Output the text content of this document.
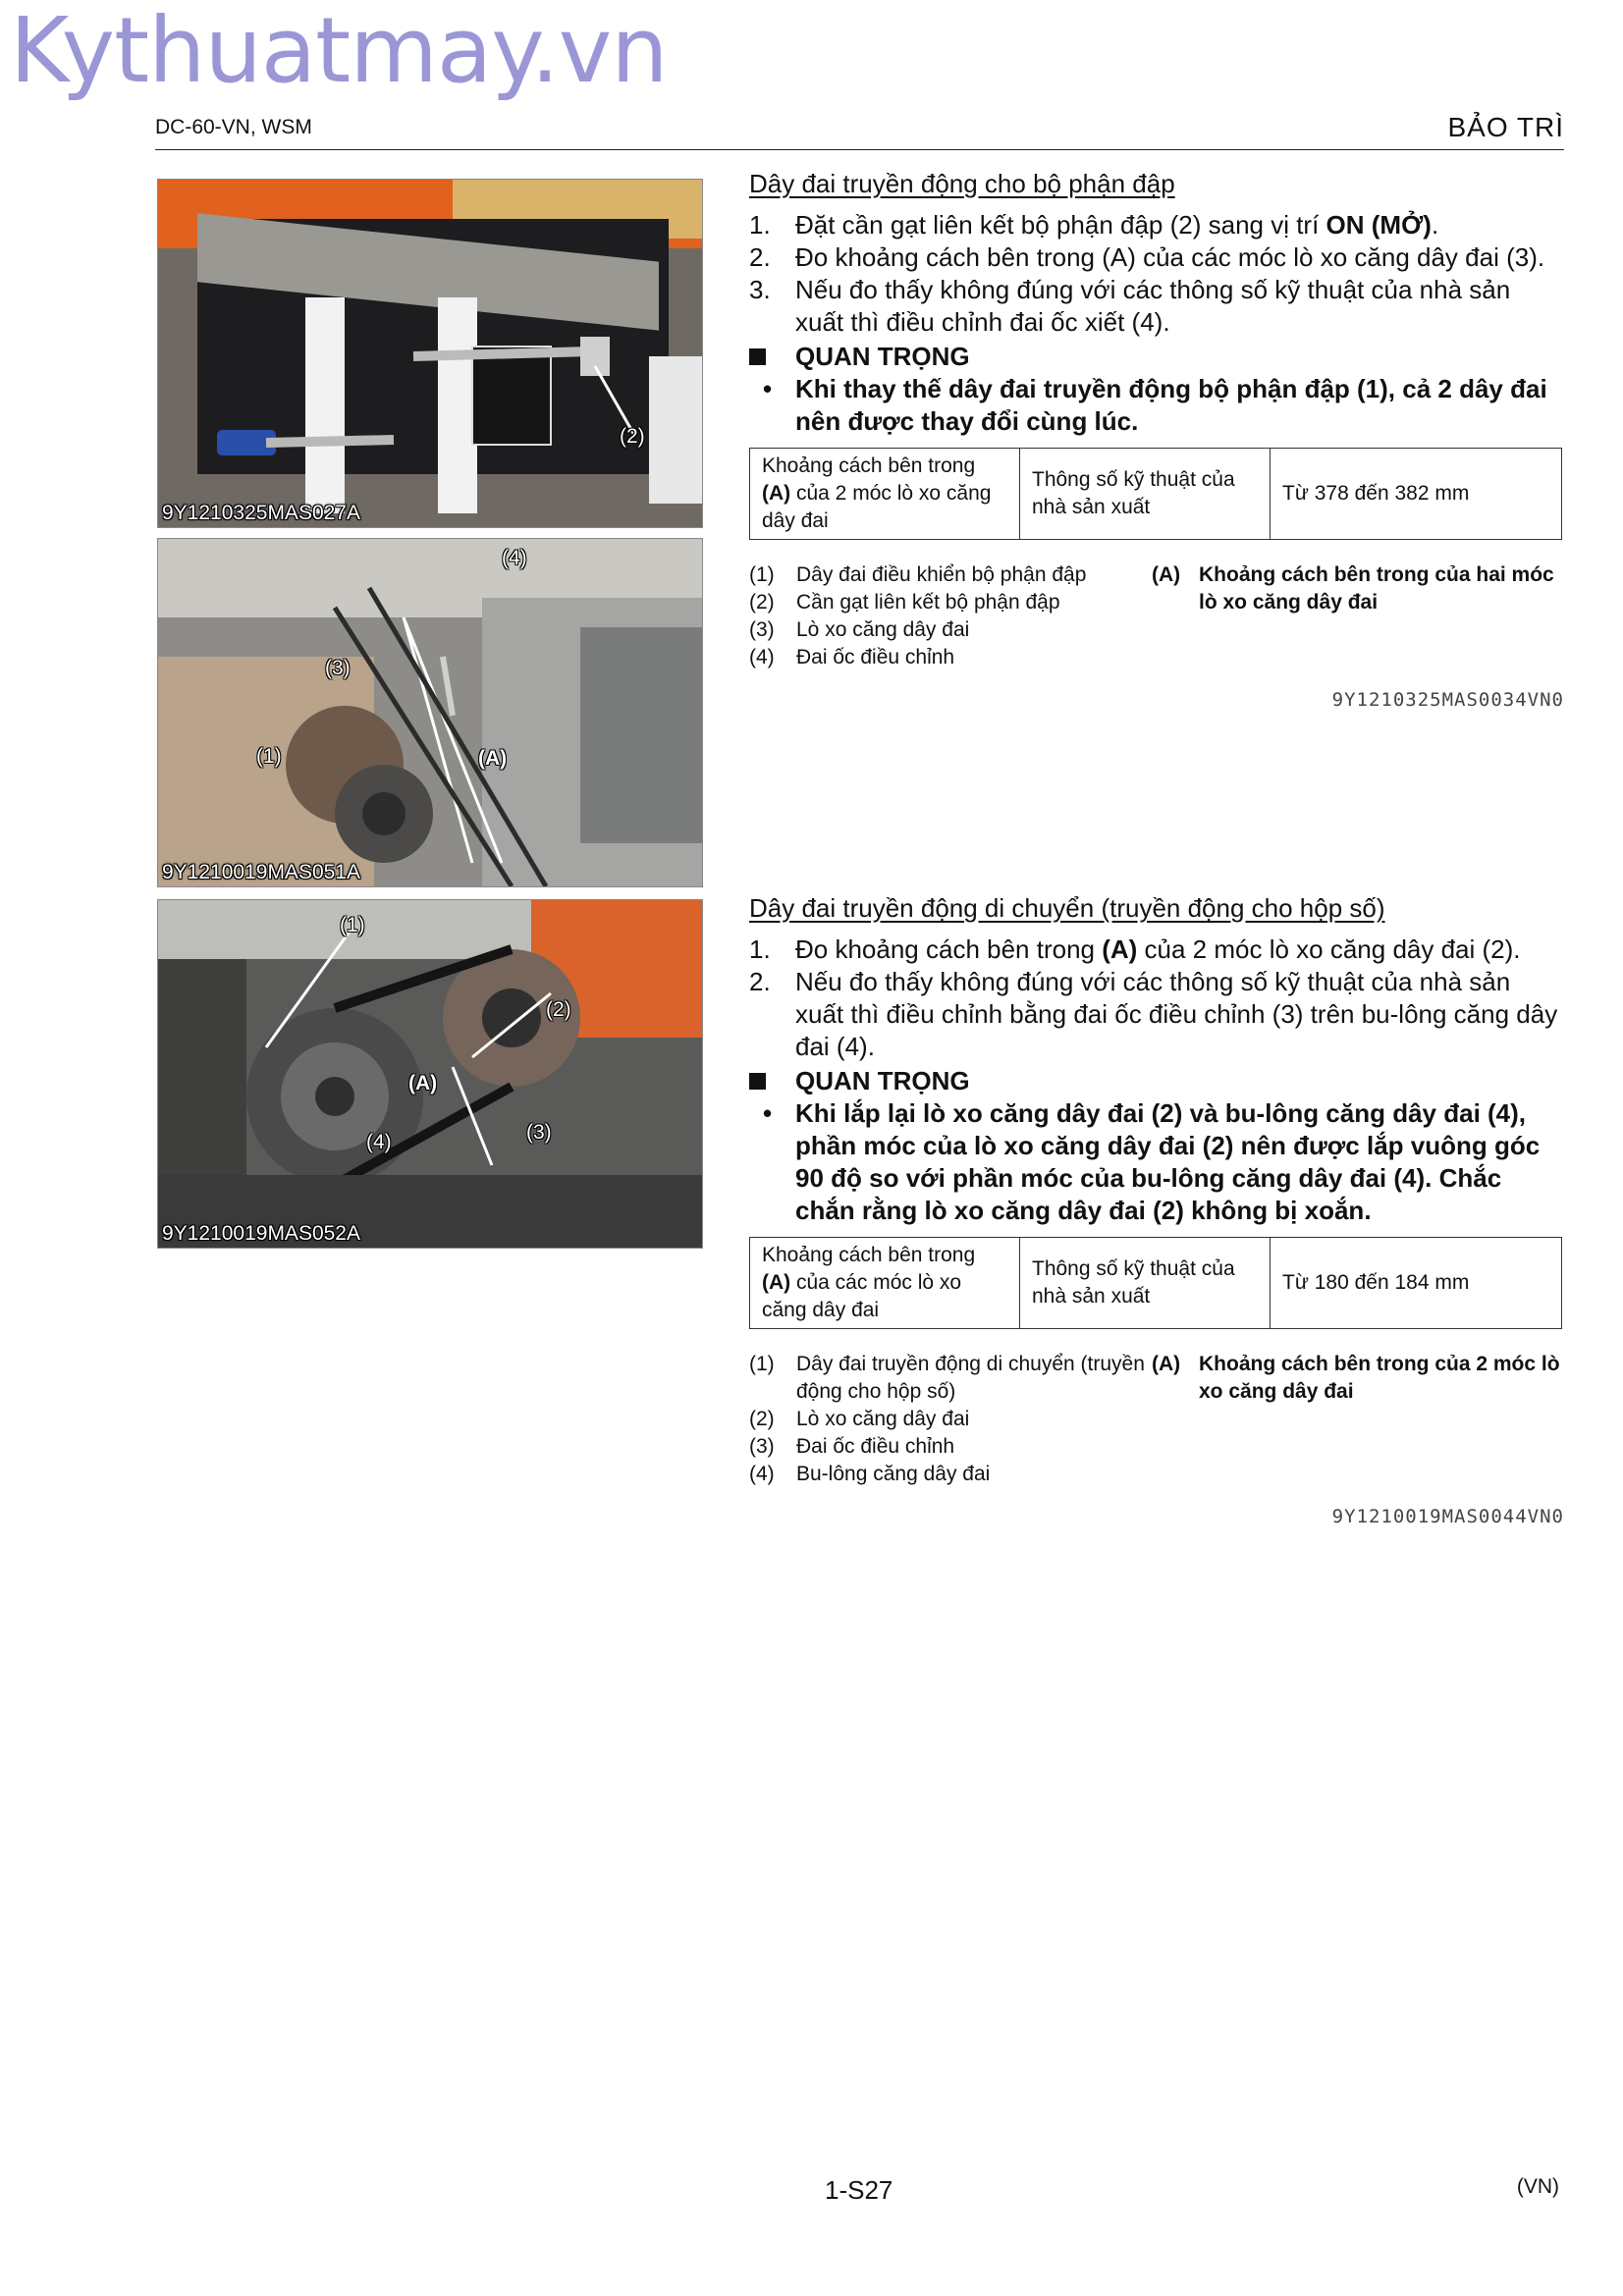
Kythuatmay.vn
DC-60-VN, WSM	BẢO TRÌ
(2)
9Y1210325MAS027A
(4)
(3)
(1)	(A)
9Y1210019MAS051A
(1)
(2)
(A)
(4)	(3)
9Y1210019MAS052A
Dây đai truyền động cho bộ phận đập
1. Đặt cần gạt liên kết bộ phận đập (2) sang vị trí ON (MỞ).
2. Đo khoảng cách bên trong (A) của các móc lò xo căng dây đai (3).
3. Nếu đo thấy không đúng với các thông số kỹ thuật của nhà sản xuất thì điều chỉnh đai ốc xiết (4).
QUAN TRỌNG
• Khi thay thế dây đai truyền động bộ phận đập (1), cả 2 dây đai nên được thay đổi cùng lúc.
Khoảng cách bên trong (A) của 2 móc lò xo căng dây đai	Thông số kỹ thuật của nhà sản xuất	Từ 378 đến 382 mm
(1) Dây đai điều khiển bộ phận đập
(2) Cần gạt liên kết bộ phận đập
(3) Lò xo căng dây đai
(4) Đai ốc điều chỉnh
(A) Khoảng cách bên trong của hai móc lò xo căng dây đai
9Y1210325MAS0034VN0
Dây đai truyền động di chuyển (truyền động cho hộp số)
1. Đo khoảng cách bên trong (A) của 2 móc lò xo căng dây đai (2).
2. Nếu đo thấy không đúng với các thông số kỹ thuật của nhà sản xuất thì điều chỉnh bằng đai ốc điều chỉnh (3) trên bu-lông căng dây đai (4).
QUAN TRỌNG
• Khi lắp lại lò xo căng dây đai (2) và bu-lông căng dây đai (4), phần móc của lò xo căng dây đai (2) nên được lắp vuông góc 90 độ so với phần móc của bu-lông căng dây đai (4). Chắc chắn rằng lò xo căng dây đai (2) không bị xoắn.
Khoảng cách bên trong (A) của các móc lò xo căng dây đai	Thông số kỹ thuật của nhà sản xuất	Từ 180 đến 184 mm
(1) Dây đai truyền động di chuyển (truyền động cho hộp số)
(2) Lò xo căng dây đai
(3) Đai ốc điều chỉnh
(4) Bu-lông căng dây đai
(A) Khoảng cách bên trong của 2 móc lò xo căng dây đai
9Y1210019MAS0044VN0
1-S27	(VN)
